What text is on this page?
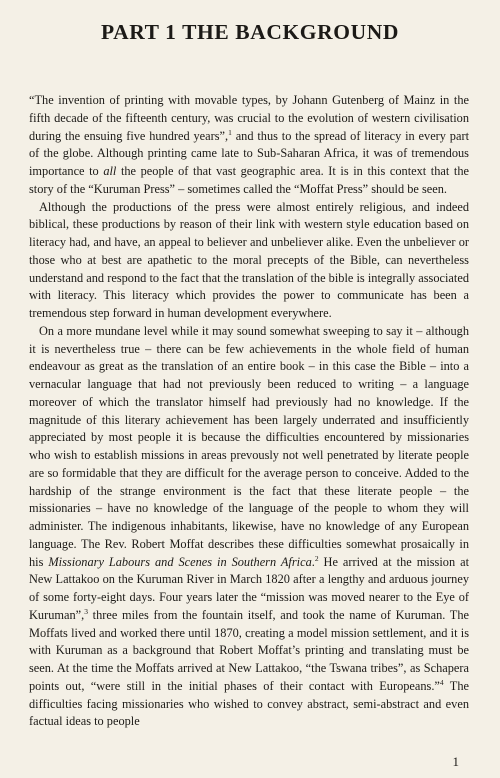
PART 1 THE BACKGROUND

“The invention of printing with movable types, by Johann Gutenberg of Mainz in the fifth decade of the fifteenth century, was crucial to the evolution of western civilisation during the ensuing five hundred years”,$^1$ and thus to the spread of literacy in every part of the globe. Although printing came late to Sub-Saharan Africa, it was of tremendous importance to all the people of that vast geographic area. It is in this context that the story of the “Kuruman Press” – sometimes called the “Moffat Press” should be seen.

Although the productions of the press were almost entirely religious, and indeed biblical, these productions by reason of their link with western style education based on literacy had, and have, an appeal to believer and unbeliever alike. Even the unbeliever or those who at best are apathetic to the moral precepts of the Bible, can nevertheless understand and respond to the fact that the translation of the bible is integrally associated with literacy. This literacy which provides the power to communicate has been a tremendous step forward in human development everywhere.

On a more mundane level while it may sound somewhat sweeping to say it – although it is nevertheless true – there can be few achievements in the whole field of human endeavour as great as the translation of an entire book – in this case the Bible – into a vernacular language that had not previously been reduced to writing – a language moreover of which the translator himself had previously had no knowledge. If the magnitude of this literary achievement has been largely underrated and insufficiently appreciated by most people it is because the difficulties encountered by missionaries who wish to establish missions in areas prevously not well penetrated by literate people are so formidable that they are difficult for the average person to conceive. Added to the hardship of the strange environment is the fact that these literate people – the missionaries – have no knowledge of the language of the people to whom they will administer. The indigenous inhabitants, likewise, have no knowledge of any European language. The Rev. Robert Moffat describes these difficulties somewhat prosaically in his Missionary Labours and Scenes in Southern Africa.$^2$ He arrived at the mission at New Lattakoo on the Kuruman River in March 1820 after a lengthy and arduous journey of some forty-eight days. Four years later the “mission was moved nearer to the Eye of Kuruman”,$^3$ three miles from the fountain itself, and took the name of Kuruman. The Moffats lived and worked there until 1870, creating a model mission settlement, and it is with Kuruman as a background that Robert Moffat’s printing and translating must be seen. At the time the Moffats arrived at New Lattakoo, “the Tswana tribes”, as Schapera points out, “were still in the initial phases of their contact with Europeans.”$^4$ The difficulties facing missionaries who wished to convey abstract, semi-abstract and even factual ideas to people

1
